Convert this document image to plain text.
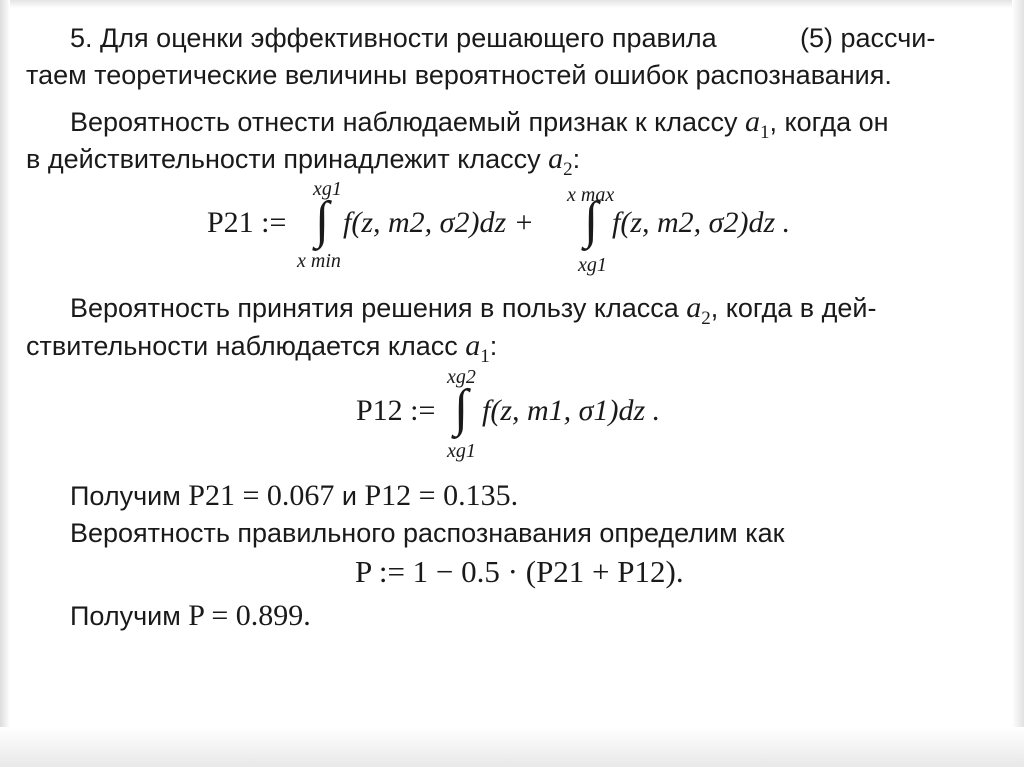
5. Для оценки эффективности решающего правила	(5) рассчи-
таем теоретические величины вероятностей ошибок распознавания.
Вероятность отнести наблюдаемый признак к классу $a_1$, когда он
в действительности принадлежит классу $a_2$:
P21 :=
xg1
∫
x min
f(z, m2, σ2)dz +
x max
∫
xg1
f(z, m2, σ2)dz .
Вероятность принятия решения в пользу класса $a_2$, когда в дей-
ствительности наблюдается класс $a_1$:
P12 :=
xg2
∫
xg1
f(z, m1, σ1)dz .
Получим P21 = 0.067 и P12 = 0.135.
Вероятность правильного распознавания определим как
P := 1 − 0.5 · (P21 + P12).
Получим P = 0.899.
